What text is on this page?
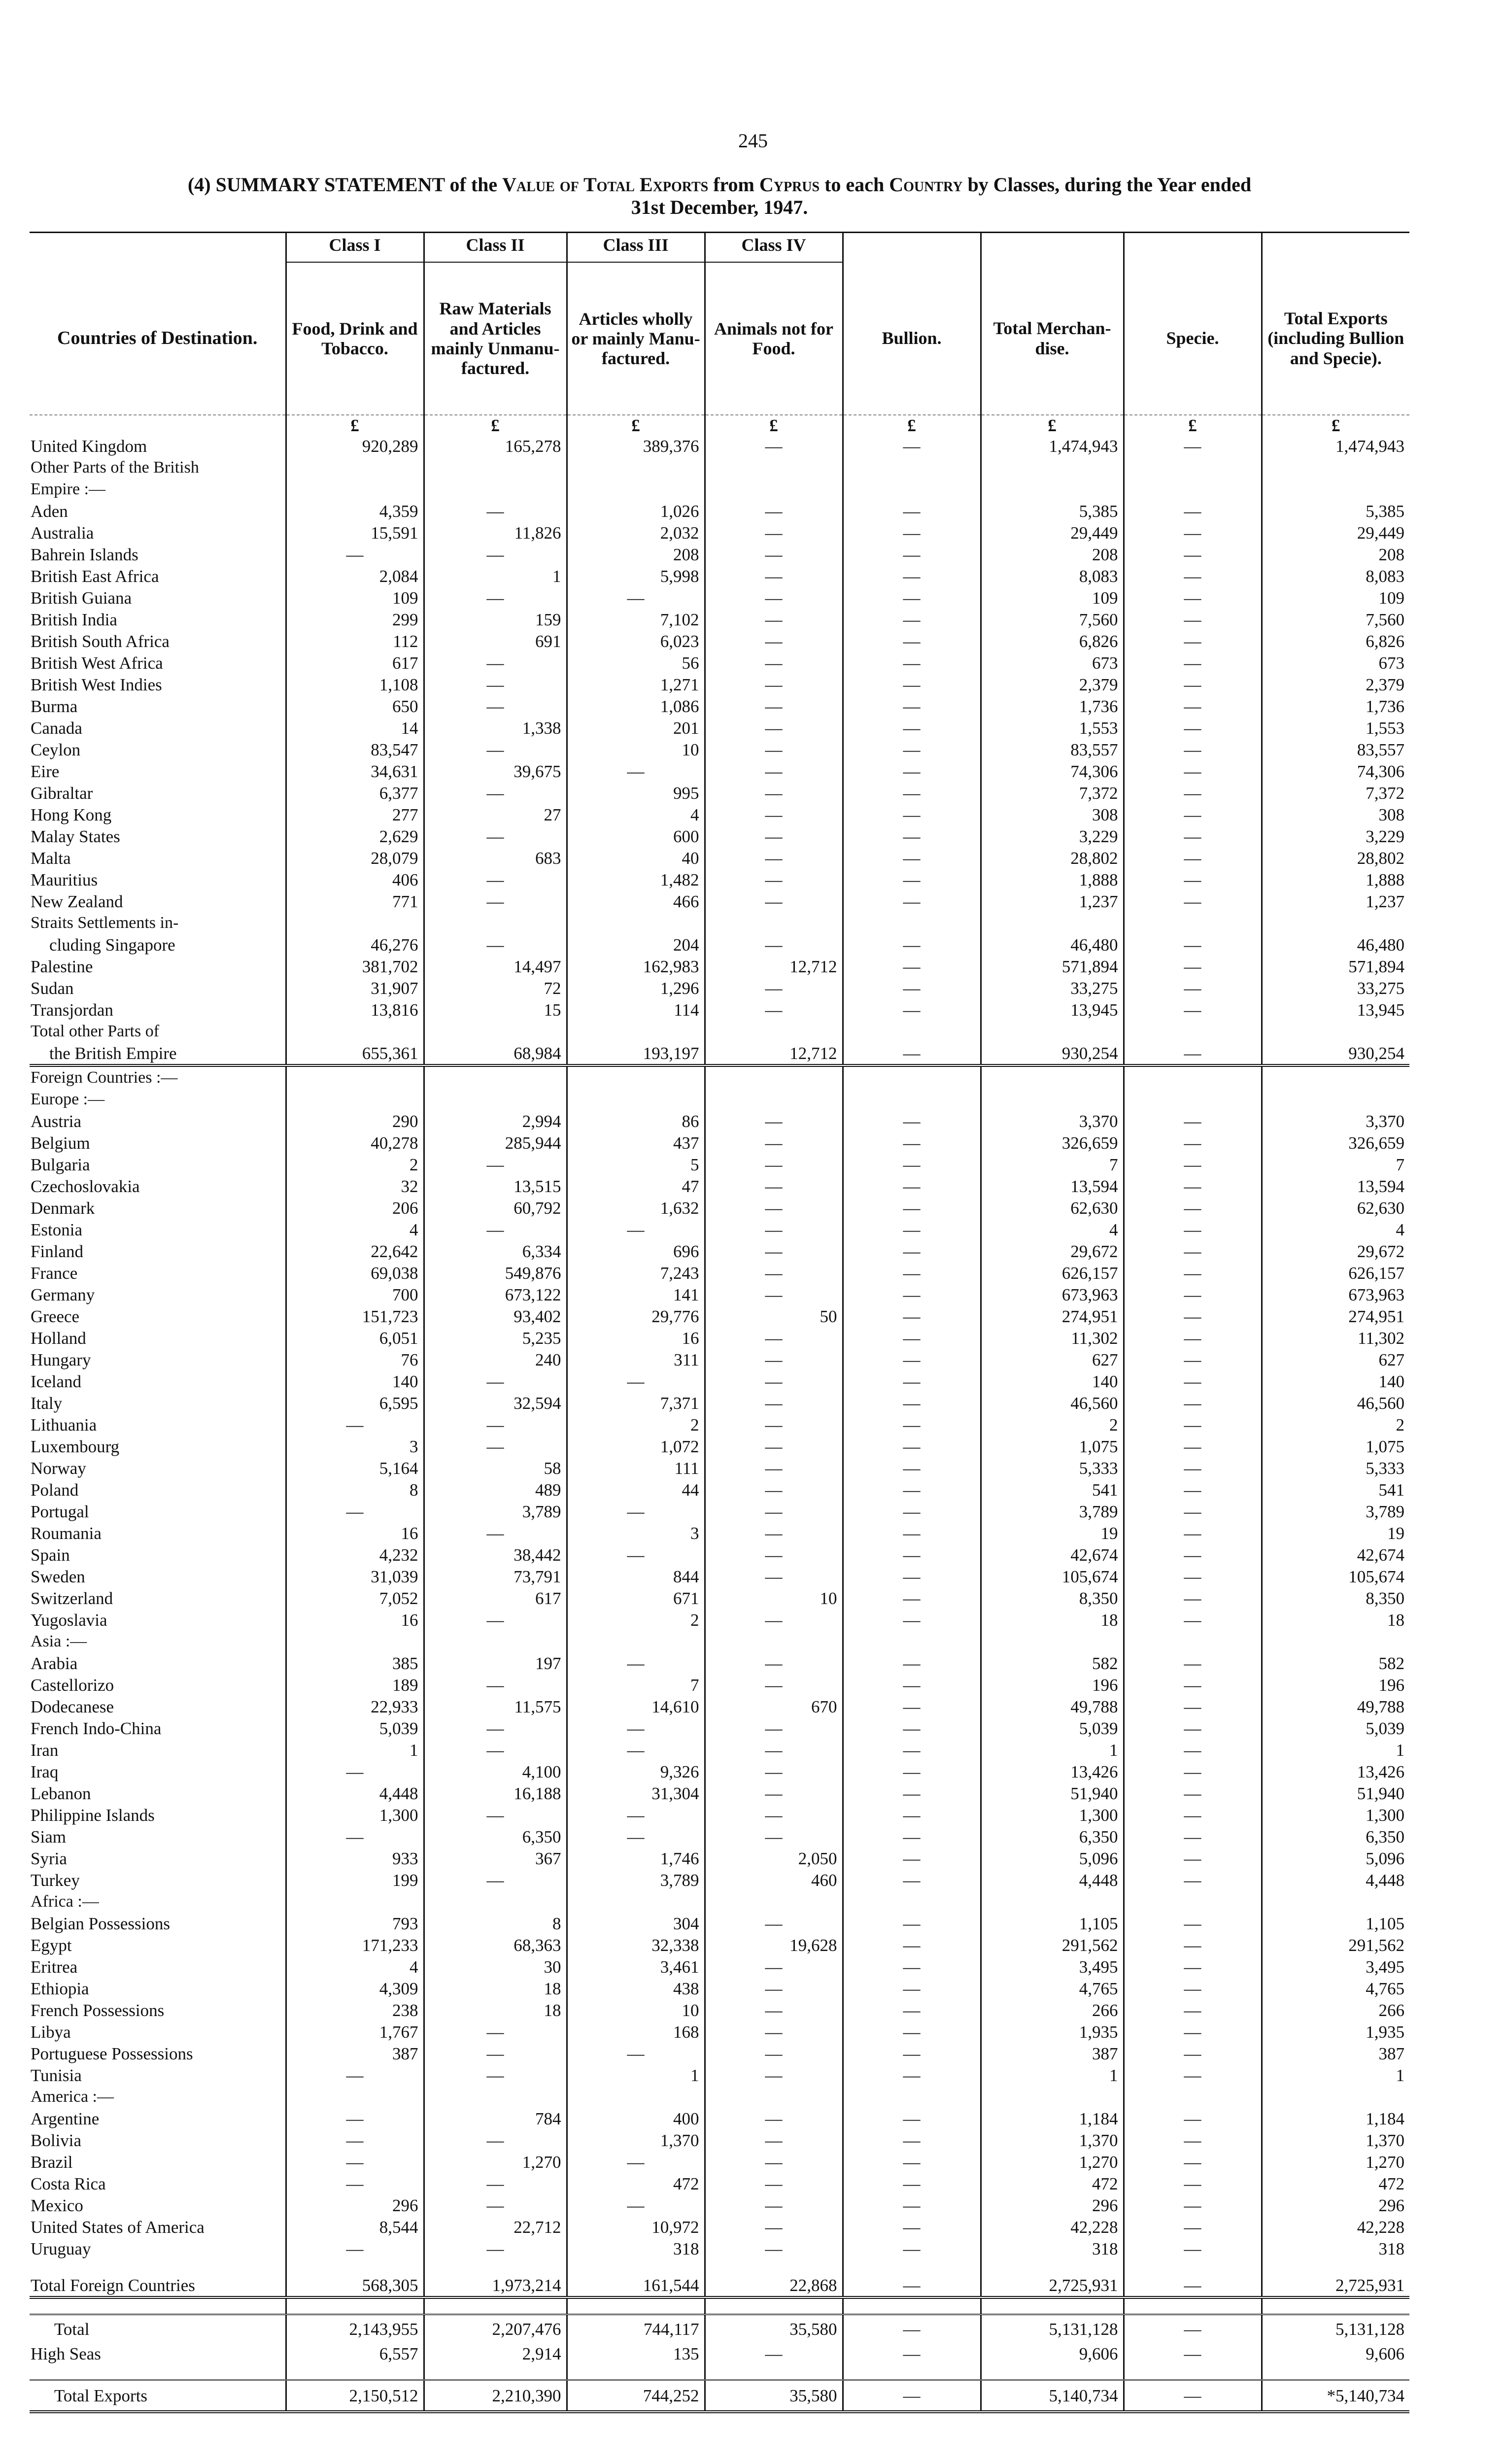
245
(4) SUMMARY STATEMENT of the Value of Total Exports from Cyprus to each Country by Classes, during the Year ended
31st December, 1947.
	Class I	Class II	Class III	Class IV				
Countries of Destination.	Food, Drink and Tobacco.	Raw Materials and Articles mainly Unmanu- factured.	Articles wholly or mainly Manu- factured.	Animals not for Food.	Bullion.	Total Merchan- dise.	Specie.	Total Exports (including Bullion and Specie).
	£	£	£	£	£	£	£	£
United Kingdom	920,289	165,278	389,376	—	—	1,474,943	—	1,474,943
Other Parts of the British								
Empire :—								
Aden	4,359	—	1,026	—	—	5,385	—	5,385
Australia	15,591	11,826	2,032	—	—	29,449	—	29,449
Bahrein Islands	—	—	208	—	—	208	—	208
British East Africa	2,084	1	5,998	—	—	8,083	—	8,083
British Guiana	109	—	—	—	—	109	—	109
British India	299	159	7,102	—	—	7,560	—	7,560
British South Africa	112	691	6,023	—	—	6,826	—	6,826
British West Africa	617	—	56	—	—	673	—	673
British West Indies	1,108	—	1,271	—	—	2,379	—	2,379
Burma	650	—	1,086	—	—	1,736	—	1,736
Canada	14	1,338	201	—	—	1,553	—	1,553
Ceylon	83,547	—	10	—	—	83,557	—	83,557
Eire	34,631	39,675	—	—	—	74,306	—	74,306
Gibraltar	6,377	—	995	—	—	7,372	—	7,372
Hong Kong	277	27	4	—	—	308	—	308
Malay States	2,629	—	600	—	—	3,229	—	3,229
Malta	28,079	683	40	—	—	28,802	—	28,802
Mauritius	406	—	1,482	—	—	1,888	—	1,888
New Zealand	771	—	466	—	—	1,237	—	1,237
Straits Settlements in-								
cluding Singapore	46,276	—	204	—	—	46,480	—	46,480
Palestine	381,702	14,497	162,983	12,712	—	571,894	—	571,894
Sudan	31,907	72	1,296	—	—	33,275	—	33,275
Transjordan	13,816	15	114	—	—	13,945	—	13,945
Total other Parts of								
the British Empire	655,361	68,984	193,197	12,712	—	930,254	—	930,254
Foreign Countries :—								
Europe :—								
Austria	290	2,994	86	—	—	3,370	—	3,370
Belgium	40,278	285,944	437	—	—	326,659	—	326,659
Bulgaria	2	—	5	—	—	7	—	7
Czechoslovakia	32	13,515	47	—	—	13,594	—	13,594
Denmark	206	60,792	1,632	—	—	62,630	—	62,630
Estonia	4	—	—	—	—	4	—	4
Finland	22,642	6,334	696	—	—	29,672	—	29,672
France	69,038	549,876	7,243	—	—	626,157	—	626,157
Germany	700	673,122	141	—	—	673,963	—	673,963
Greece	151,723	93,402	29,776	50	—	274,951	—	274,951
Holland	6,051	5,235	16	—	—	11,302	—	11,302
Hungary	76	240	311	—	—	627	—	627
Iceland	140	—	—	—	—	140	—	140
Italy	6,595	32,594	7,371	—	—	46,560	—	46,560
Lithuania	—	—	2	—	—	2	—	2
Luxembourg	3	—	1,072	—	—	1,075	—	1,075
Norway	5,164	58	111	—	—	5,333	—	5,333
Poland	8	489	44	—	—	541	—	541
Portugal	—	3,789	—	—	—	3,789	—	3,789
Roumania	16	—	3	—	—	19	—	19
Spain	4,232	38,442	—	—	—	42,674	—	42,674
Sweden	31,039	73,791	844	—	—	105,674	—	105,674
Switzerland	7,052	617	671	10	—	8,350	—	8,350
Yugoslavia	16	—	2	—	—	18	—	18
Asia :—								
Arabia	385	197	—	—	—	582	—	582
Castellorizo	189	—	7	—	—	196	—	196
Dodecanese	22,933	11,575	14,610	670	—	49,788	—	49,788
French Indo-China	5,039	—	—	—	—	5,039	—	5,039
Iran	1	—	—	—	—	1	—	1
Iraq	—	4,100	9,326	—	—	13,426	—	13,426
Lebanon	4,448	16,188	31,304	—	—	51,940	—	51,940
Philippine Islands	1,300	—	—	—	—	1,300	—	1,300
Siam	—	6,350	—	—	—	6,350	—	6,350
Syria	933	367	1,746	2,050	—	5,096	—	5,096
Turkey	199	—	3,789	460	—	4,448	—	4,448
Africa :—								
Belgian Possessions	793	8	304	—	—	1,105	—	1,105
Egypt	171,233	68,363	32,338	19,628	—	291,562	—	291,562
Eritrea	4	30	3,461	—	—	3,495	—	3,495
Ethiopia	4,309	18	438	—	—	4,765	—	4,765
French Possessions	238	18	10	—	—	266	—	266
Libya	1,767	—	168	—	—	1,935	—	1,935
Portuguese Possessions	387	—	—	—	—	387	—	387
Tunisia	—	—	1	—	—	1	—	1
America :—								
Argentine	—	784	400	—	—	1,184	—	1,184
Bolivia	—	—	1,370	—	—	1,370	—	1,370
Brazil	—	1,270	—	—	—	1,270	—	1,270
Costa Rica	—	—	472	—	—	472	—	472
Mexico	296	—	—	—	—	296	—	296
United States of America	8,544	22,712	10,972	—	—	42,228	—	42,228
Uruguay	—	—	318	—	—	318	—	318

Total Foreign Countries	568,305	1,973,214	161,544	22,868	—	2,725,931	—	2,725,931

Total	2,143,955	2,207,476	744,117	35,580	—	5,131,128	—	5,131,128
High Seas	6,557	2,914	135	—	—	9,606	—	9,606

Total Exports	2,150,512	2,210,390	744,252	35,580	—	5,140,734	—	*5,140,734
